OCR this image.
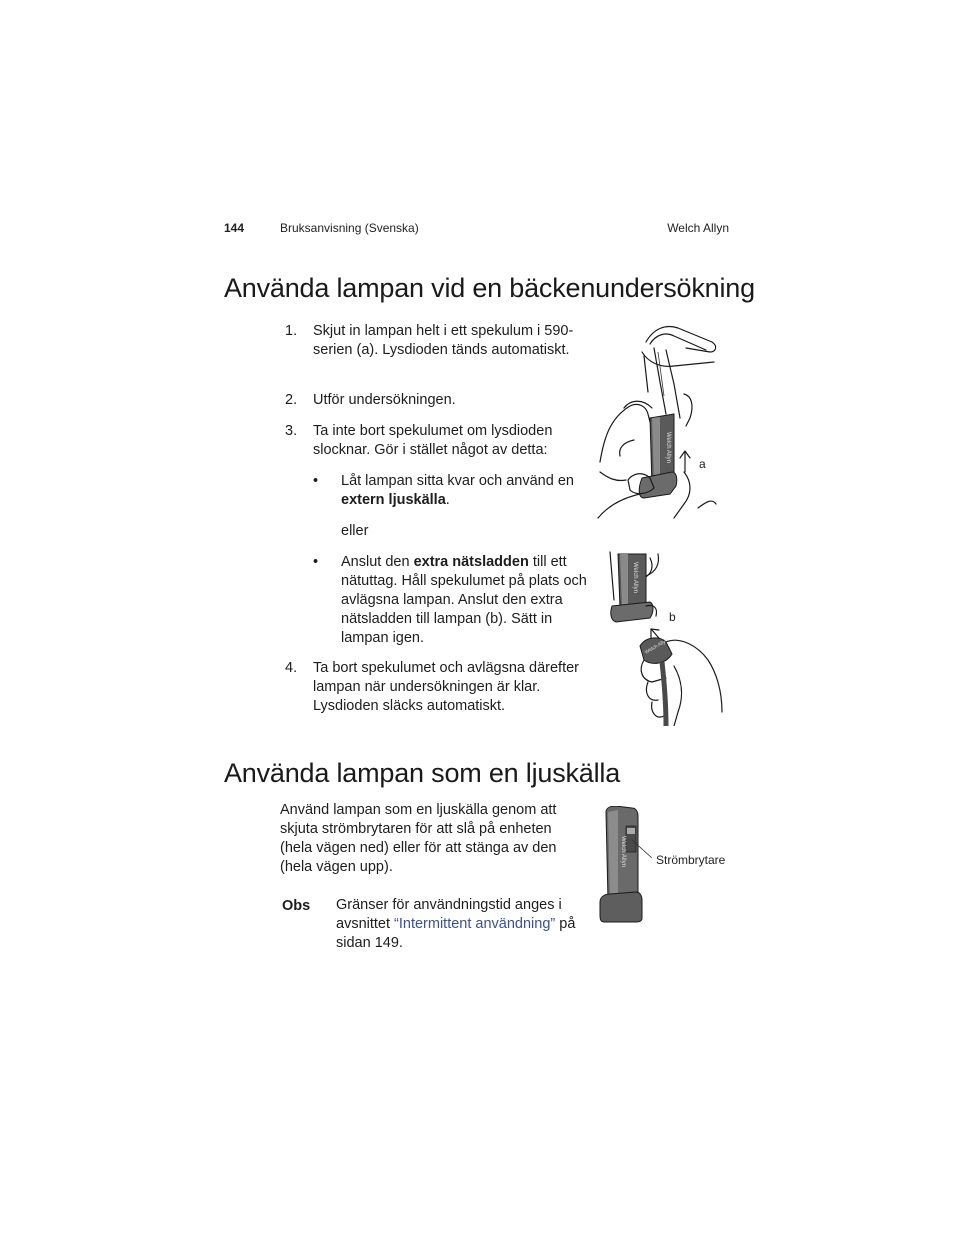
144	Bruksanvisning (Svenska)	Welch Allyn
Använda lampan vid en bäckenundersökning
1. Skjut in lampan helt i ett spekulum i 590-serien (a). Lysdioden tänds automatiskt.
2. Utför undersökningen.
3. Ta inte bort spekulumet om lysdioden slocknar. Gör i stället något av detta:
• Låt lampan sitta kvar och använd en extern ljuskälla.
eller
• Anslut den extra nätsladden till ett nätuttag. Håll spekulumet på plats och avlägsna lampan. Anslut den extra nätsladden till lampan (b). Sätt in lampan igen.
4. Ta bort spekulumet och avlägsna därefter lampan när undersökningen är klar. Lysdioden släcks automatiskt.
Welch Allyn
a
Welch Allyn
Welch Allyn
b
Använda lampan som en ljuskälla
Använd lampan som en ljuskälla genom att skjuta strömbrytaren för att slå på enheten (hela vägen ned) eller för att stänga av den (hela vägen upp).
Obs Gränser för användningstid anges i avsnittet “Intermittent användning” på sidan 149.
Welch Allyn	Strömbrytare
